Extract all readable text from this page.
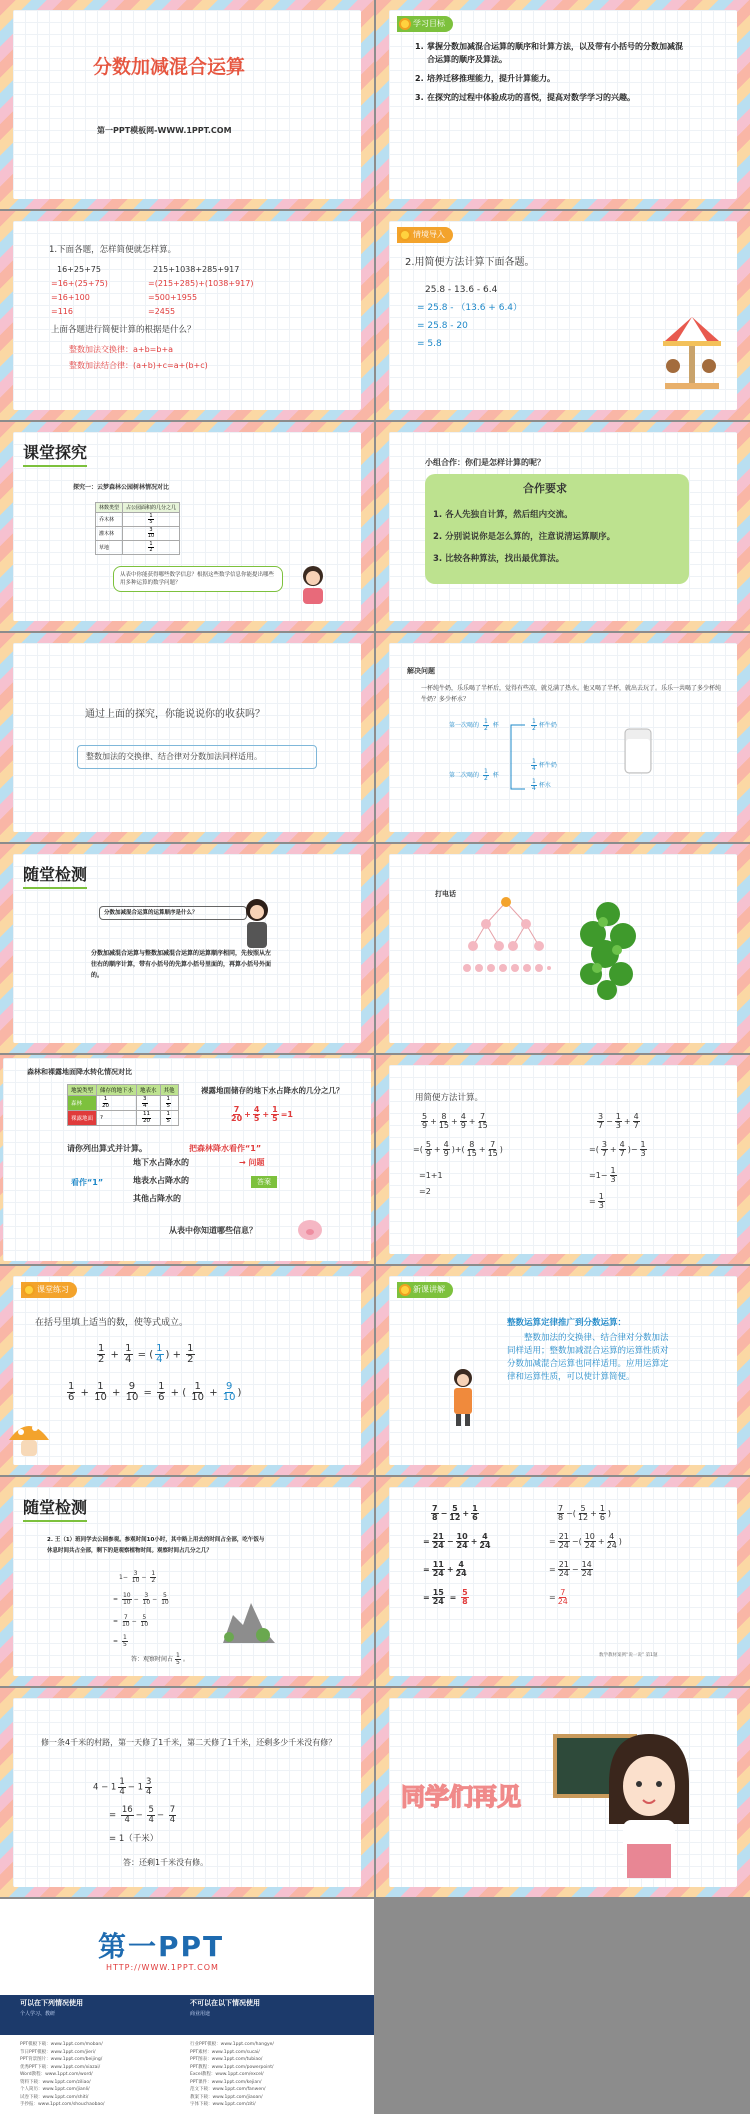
分数加减混合运算
第一PPT模板网-WWW.1PPT.COM
学习目标
1. 掌握分数加减混合运算的顺序和计算方法，以及带有小括号的分数加减混合运算的顺序及算法。
2. 培养迁移推理能力，提升计算能力。
3. 在探究的过程中体验成功的喜悦，提高对数学学习的兴趣。
1.下面各题，怎样简便就怎样算。
16+25+75
=16+(25+75)
=16+100
=116
215+1038+285+917
=(215+285)+(1038+917)
=500+1955
=2455
上面各题进行简便计算的根据是什么？
整数加法交换律：a+b=b+a
整数加法结合律：(a+b)+c=a+(b+c)
情境导入
2.用简便方法计算下面各题。
25.8 - 13.6 - 6.4
= 25.8 - （13.6 + 6.4）
= 25.8 - 20
= 5.8
课堂探究
探究一：云梦森林公园树林情况对比
林数类型	占公园面积的几分之几
乔木林	$\frac{1}{5}$

灌木林	$\frac{3}{10}$

草地	$\frac{1}{2}$
从表中你能获得哪些数学信息？根据这些数学信息你能提出哪些用多种运算的数学问题？
小组合作：你们是怎样计算的呢？
合作要求
1. 各人先独自计算，然后组内交流。
2. 分别说说你是怎么算的，注意说清运算顺序。
3. 比较各种算法，找出最优算法。
通过上面的探究，你能说说你的收获吗？
整数加法的交换律、结合律对分数加法同样适用。
解决问题
一杯纯牛奶，乐乐喝了半杯后，觉得有些凉，就兑满了热水。他又喝了半杯，就出去玩了。乐乐一共喝了多少杯纯牛奶？多少杯水？
第一次喝的 $\frac{1}{2}$ 杯
第二次喝的 $\frac{1}{2}$ 杯
$\frac{1}{2}$ 杯牛奶
$\frac{1}{4}$ 杯牛奶
$\frac{1}{4}$ 杯水
随堂检测
分数加减混合运算的运算顺序是什么？
分数加减混合运算与整数加减混合运算的运算顺序相同，先按照从左往右的顺序计算，带有小括号的先算小括号里面的，再算小括号外面的。
打电话
森林和裸露地面降水转化情况对比
地貌类型	储存的地下水	地表水	其他
森林	$\frac{1}{20}$	$\frac{3}{4}$	$\frac{1}{5}$

裸露地面	?	$\frac{11}{20}$	$\frac{1}{5}$
裸露地面储存的地下水占降水的几分之几？
$\frac{7}{20} + \frac{4}{5} + \frac{1}{5} =1$
请你列出算式并计算。	把森林降水看作“1”
看作“1”
地下水占降水的
地表水占降水的
其他占降水的
→ 问题
答案
从表中你知道哪些信息？
用简便方法计算。
$\frac{5}{9} + \frac{8}{15} + \frac{4}{9} + \frac{7}{15}$
=( $\frac{5}{9} + \frac{4}{9}$ )+( $\frac{8}{15} + \frac{7}{15}$ )
=1+1
=2
$\frac{3}{7} - \frac{1}{3} + \frac{4}{7}$
=( $\frac{3}{7} + \frac{4}{7}$ )− $\frac{1}{3}$
$=1- \frac{1}{3}$
= $\frac{1}{3}$
课堂练习
在括号里填上适当的数，使等式成立。
$\frac{1}{2} + \frac{1}{4}$ = ( $\frac{1}{4}$ ) + $\frac{1}{2}$
$\frac{1}{6} + \frac{1}{10} + \frac{9}{10} = \frac{1}{6}$ + ( $\frac{1}{10} + \frac{9}{10}$ )
新课讲解
整数运算定律推广到分数运算：
整数加法的交换律、结合律对分数加法同样适用；整数加减混合运算的运算性质对分数加减混合运算也同样适用。应用运算定律和运算性质，可以使计算简便。
随堂检测
2. 王（1）班同学去公园参观。参观时间10小时，其中路上用去的时间占全部，吃午饭与休息时间共占全部，剩下的是观察植物时间。观察时间占几分之几？
$1- \frac{3}{10} - \frac{1}{2}$
= $\frac{10}{10} - \frac{3}{10} - \frac{5}{10}$
= $\frac{7}{10} - \frac{5}{10}$
= $\frac{1}{5}$
答：观察时间占 $\frac{1}{5}$ 。
$\frac{7}{8} - \frac{5}{12} + \frac{1}{6}$
= $\frac{21}{24} - \frac{10}{24} + \frac{4}{24}$
= $\frac{11}{24} + \frac{4}{24}$
= $\frac{15}{24} = \frac{5}{8}$
$\frac{7}{8}$ −( $\frac{5}{12} + \frac{1}{6}$ )
= $\frac{21}{24}$ −( $\frac{10}{24} + \frac{4}{24}$ )
= $\frac{21}{24} - \frac{14}{24}$
= $\frac{7}{24}$
数学教材案例“说一说” 第1题
修一条4千米的村路，第一天修了1千米，第二天修了1千米，还剩多少千米没有修？
$4 - 1 \frac{1}{4} - 1 \frac{3}{4}$
= $\frac{16}{4} - \frac{5}{4} - \frac{7}{4}$
= 1（千米）
答：还剩1千米没有修。
同学们再见
第一PPT
HTTP://WWW.1PPT.COM
可以在下列情况使用
个人学习、教研
不可以在以下情况使用
商业用途
PPT模板下载：www.1ppt.com/moban/
节日PPT模板：www.1ppt.com/jieri/
PPT背景图片：www.1ppt.com/beijing/
优秀PPT下载：www.1ppt.com/xiazai/
Word教程：www.1ppt.com/word/
资料下载：www.1ppt.com/ziliao/
个人简历：www.1ppt.com/jianli/
试卷下载：www.1ppt.com/shiti/
手抄报：www.1ppt.com/shouchaobao/
行业PPT模板：www.1ppt.com/hangye/
PPT素材：www.1ppt.com/sucai/
PPT图表：www.1ppt.com/tubiao/
PPT教程：www.1ppt.com/powerpoint/
Excel教程：www.1ppt.com/excel/
PPT课件：www.1ppt.com/kejian/
范文下载：www.1ppt.com/fanwen/
教案下载：www.1ppt.com/jiaoan/
字体下载：www.1ppt.com/ziti/
